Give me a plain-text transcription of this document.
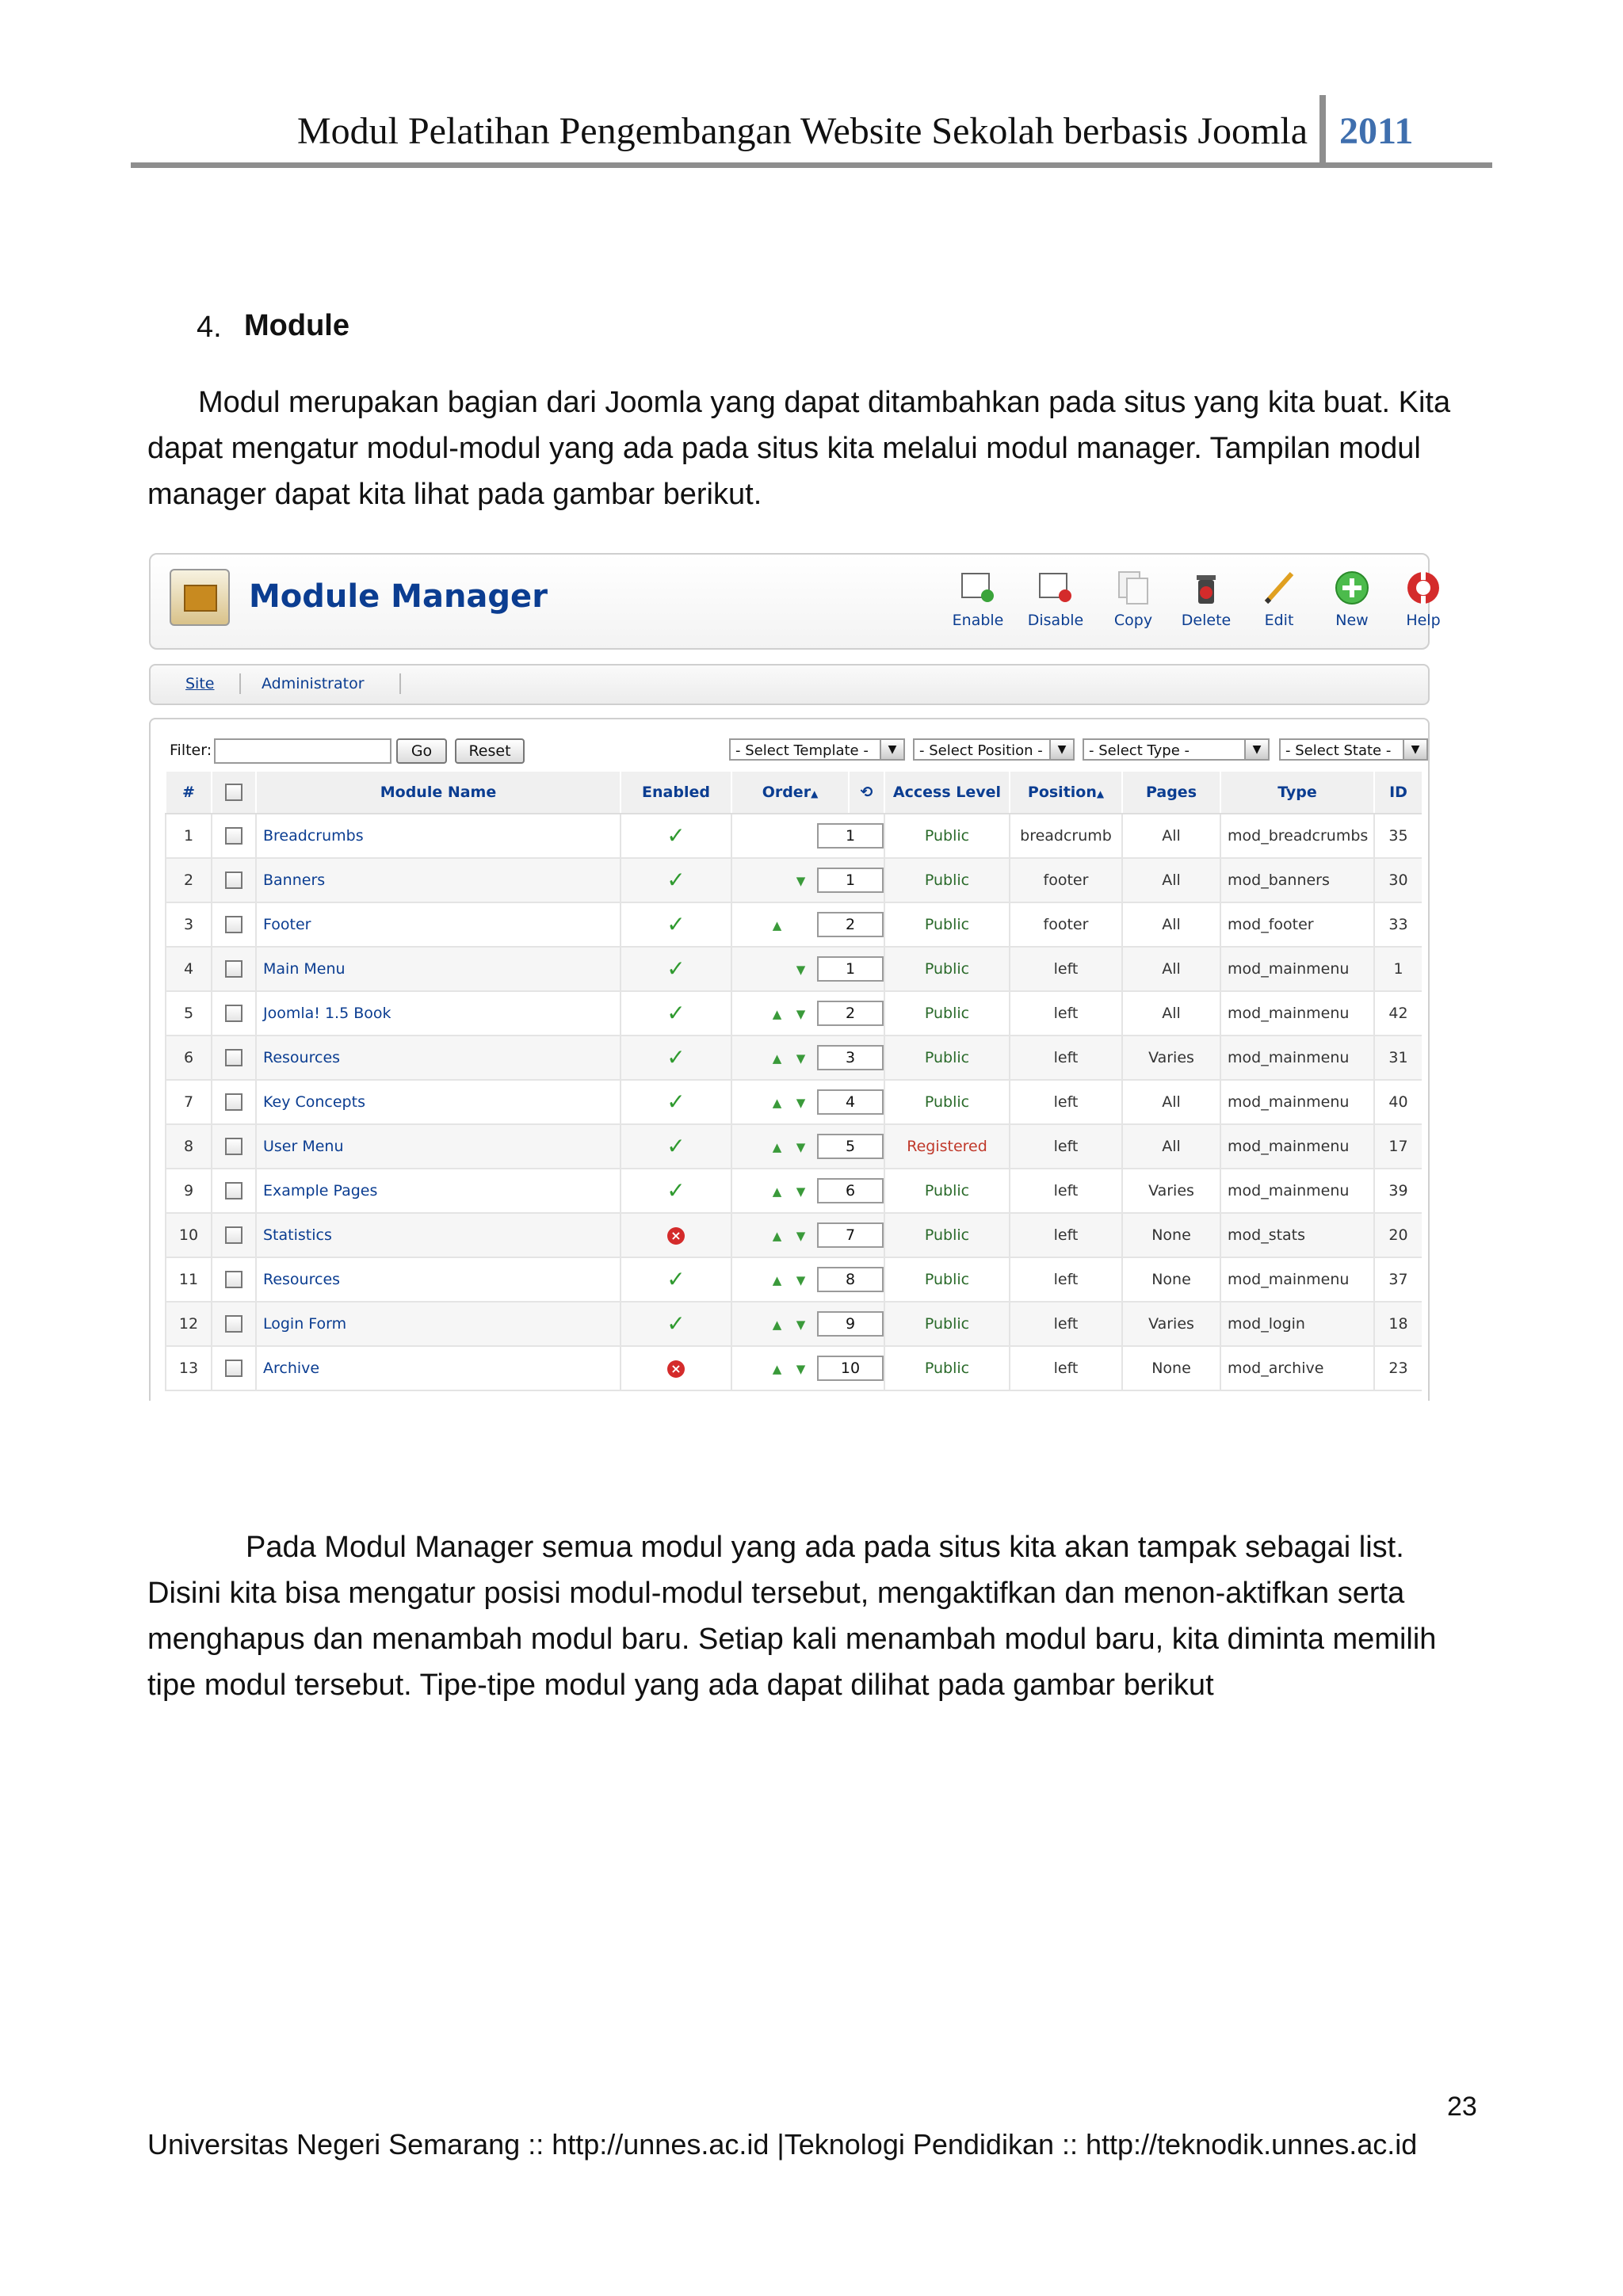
Modul Pelatihan Pengembangan Website Sekolah berbasis Joomla 2011
4. Module
Modul merupakan bagian dari Joomla yang dapat ditambahkan pada situs yang kita buat. Kita dapat mengatur modul-modul yang ada pada situs kita melalui modul manager. Tampilan modul manager dapat kita lihat pada gambar berikut.
Module Manager
Enable	Disable	Copy	Delete	Edit	New	Help
Site	Administrator
Filter:	Go	Reset	- Select Template -	▼	- Select Position -	▼	- Select Type -	▼	- Select State -	▼
#		Module Name	Enabled	Order▲	⟲	Access Level	Position▲	Pages	Type	ID
1		Breadcrumbs	✓		1	Public	breadcrumb	All	mod_breadcrumbs	35
2		Banners	✓	▼	1	Public	footer	All	mod_banners	30
3		Footer	✓	▲	2	Public	footer	All	mod_footer	33
4		Main Menu	✓	▼	1	Public	left	All	mod_mainmenu	1
5		Joomla! 1.5 Book	✓	▲ ▼	2	Public	left	All	mod_mainmenu	42
6		Resources	✓	▲ ▼	3	Public	left	Varies	mod_mainmenu	31
7		Key Concepts	✓	▲ ▼	4	Public	left	All	mod_mainmenu	40
8		User Menu	✓	▲ ▼	5	Registered	left	All	mod_mainmenu	17
9		Example Pages	✓	▲ ▼	6	Public	left	Varies	mod_mainmenu	39
10		Statistics	×	▲ ▼	7	Public	left	None	mod_stats	20
11		Resources	✓	▲ ▼	8	Public	left	None	mod_mainmenu	37
12		Login Form	✓	▲ ▼	9	Public	left	Varies	mod_login	18
13		Archive	×	▲ ▼	10	Public	left	None	mod_archive	23
Pada Modul Manager semua modul yang ada pada situs kita akan tampak sebagai list. Disini kita bisa mengatur posisi modul-modul tersebut, mengaktifkan dan menon-aktifkan serta menghapus dan menambah modul baru. Setiap kali menambah modul baru, kita diminta memilih tipe modul tersebut. Tipe-tipe modul yang ada dapat dilihat pada gambar berikut
23
Universitas Negeri Semarang :: http://unnes.ac.id |Teknologi Pendidikan :: http://teknodik.unnes.ac.id
